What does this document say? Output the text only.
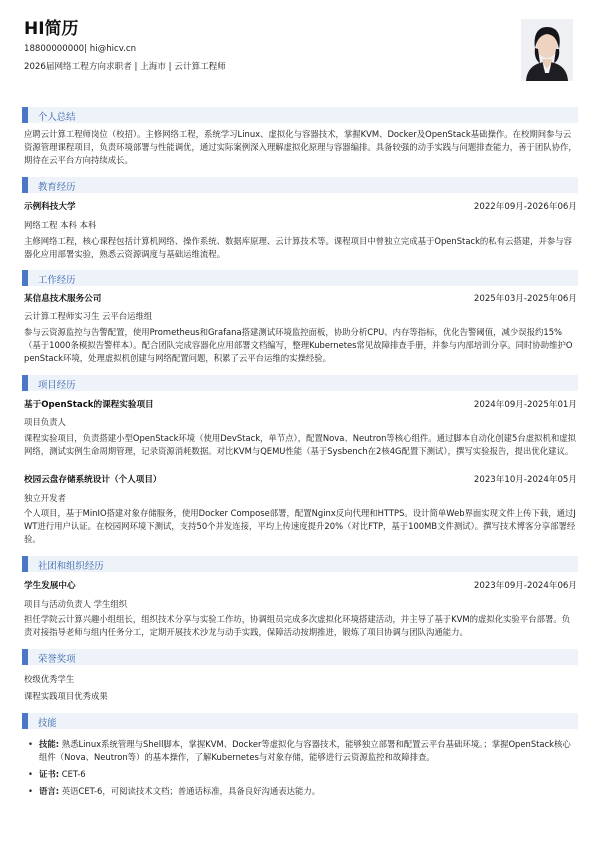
HI简历
18800000000| hi@hicv.cn
2026届网络工程方向求职者 | 上海市 | 云计算工程师
个人总结
应聘云计算工程师岗位（校招）。主修网络工程，系统学习Linux、虚拟化与容器技术，掌握KVM、Docker及OpenStack基础操作。在校期间参与云资源管理课程项目，负责环境部署与性能调优，通过实际案例深入理解虚拟化原理与容器编排。具备较强的动手实践与问题排查能力，善于团队协作，期待在云平台方向持续成长。
教育经历
示例科技大学	2022年09月-2026年06月
网络工程 本科 本科
主修网络工程，核心课程包括计算机网络、操作系统、数据库原理、云计算技术等。课程项目中曾独立完成基于OpenStack的私有云搭建，并参与容器化应用部署实验，熟悉云资源调度与基础运维流程。
工作经历
某信息技术服务公司	2025年03月-2025年06月
云计算工程师实习生 云平台运维组
参与云资源监控与告警配置，使用Prometheus和Grafana搭建测试环境监控面板，协助分析CPU、内存等指标，优化告警阈值，减少误报约15%（基于1000条模拟告警样本）。配合团队完成容器化应用部署文档编写，整理Kubernetes常见故障排查手册，并参与内部培训分享。同时协助维护OpenStack环境，处理虚拟机创建与网络配置问题，积累了云平台运维的实操经验。
项目经历
基于OpenStack的课程实验项目	2024年09月-2025年01月
项目负责人
课程实验项目，负责搭建小型OpenStack环境（使用DevStack，单节点），配置Nova、Neutron等核心组件。通过脚本自动化创建5台虚拟机和虚拟网络，测试实例生命周期管理，记录资源消耗数据。对比KVM与QEMU性能（基于Sysbench在2核4G配置下测试），撰写实验报告，提出优化建议。
校园云盘存储系统设计（个人项目）	2023年10月-2024年05月
独立开发者
个人项目，基于MinIO搭建对象存储服务，使用Docker Compose部署，配置Nginx反向代理和HTTPS。设计简单Web界面实现文件上传下载，通过JWT进行用户认证。在校园网环境下测试，支持50个并发连接，平均上传速度提升20%（对比FTP，基于100MB文件测试）。撰写技术博客分享部署经验。
社团和组织经历
学生发展中心	2023年09月-2024年06月
项目与活动负责人 学生组织
担任学院云计算兴趣小组组长，组织技术分享与实验工作坊，协调组员完成多次虚拟化环境搭建活动，并主导了基于KVM的虚拟化实验平台部署。负责对接指导老师与组内任务分工，定期开展技术沙龙与动手实践，保障活动按期推进，锻炼了项目协调与团队沟通能力。
荣誉奖项
校级优秀学生
课程实践项目优秀成果
技能
• 技能: 熟悉Linux系统管理与Shell脚本，掌握KVM、Docker等虚拟化与容器技术，能够独立部署和配置云平台基础环境。；掌握OpenStack核心组件（Nova、Neutron等）的基本操作，了解Kubernetes与对象存储，能够进行云资源监控和故障排查。
• 证书: CET-6
• 语言: 英语CET-6，可阅读技术文档；普通话标准，具备良好沟通表达能力。
